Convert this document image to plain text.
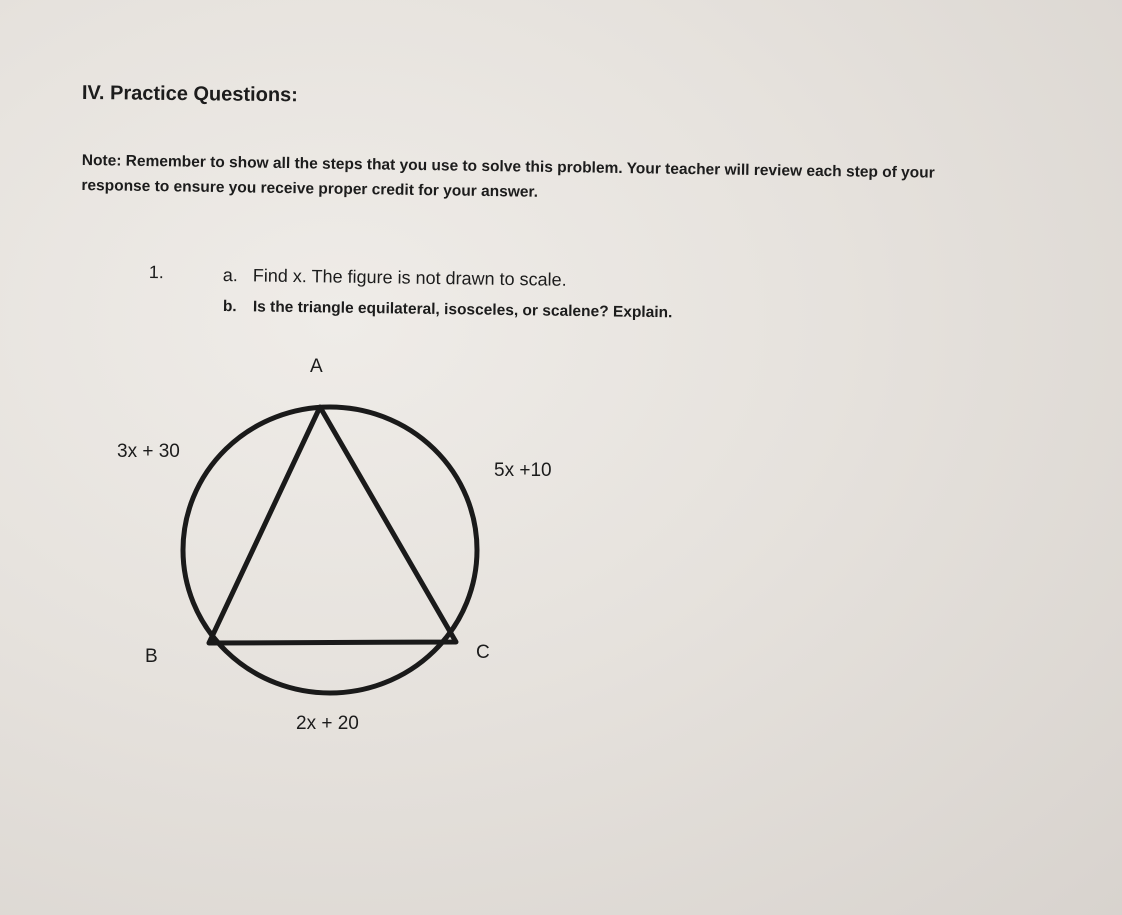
IV. Practice Questions:
Note: Remember to show all the steps that you use to solve this problem. Your teacher will review each step of your
response to ensure you receive proper credit for your answer.
1.	a. Find x. The figure is not drawn to scale.
b. Is the triangle equilateral, isosceles, or scalene? Explain.
A
B	C
3x + 30
5x +10
2x + 20
